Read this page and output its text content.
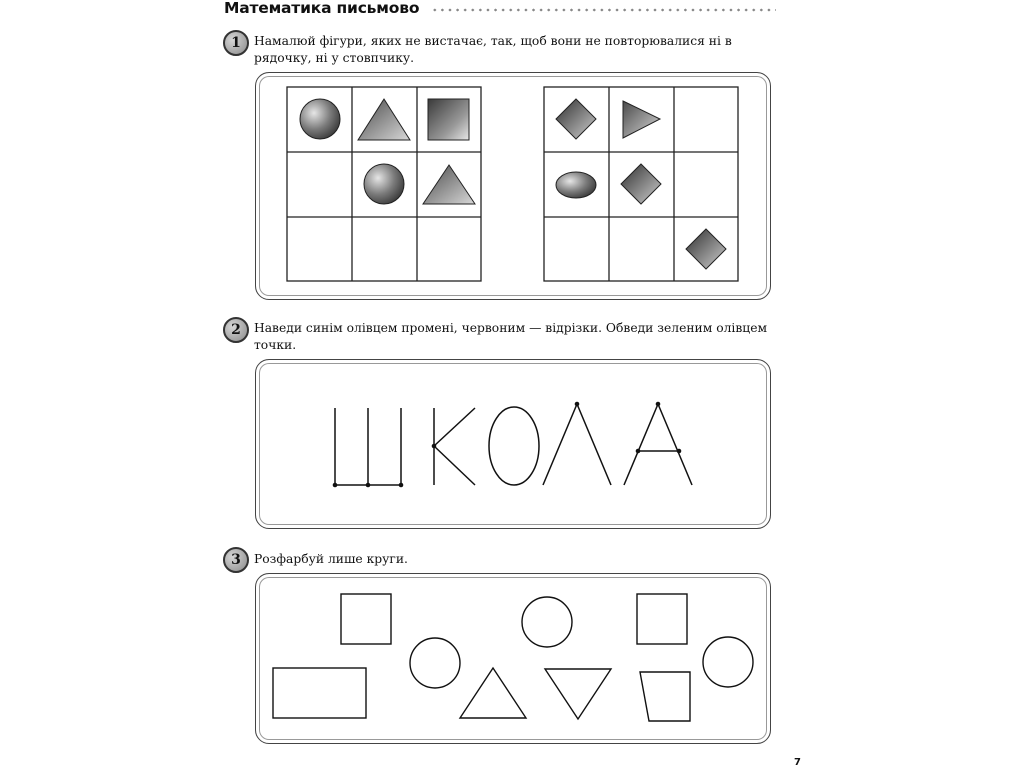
Математика письмово
1	Намалюй фігури, яких не вистачає, так, щоб вони не повторювалися ні в рядочку, ні у стовпчику.
2	Наведи синім олівцем промені, червоним — відрізки. Обведи зеленим олівцем точки.
3	Розфарбуй лише круги.
7
